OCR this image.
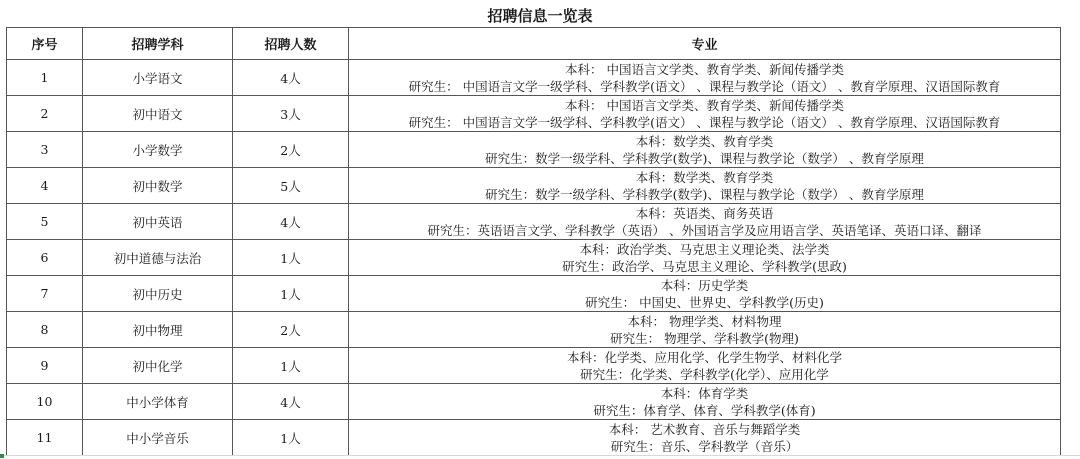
招聘信息一览表
序号	招聘学科	招聘人数	专业
1	小学语文	4人	本科： 中国语言文学类、教育学类、新闻传播学类
研究生： 中国语言文学一级学科、学科教学(语文） 、课程与教学论（语文） 、教育学原理、汉语国际教育

2	初中语文	3人	本科： 中国语言文学类、教育学类、新闻传播学类
研究生： 中国语言文学一级学科、学科教学(语文） 、课程与教学论（语文） 、教育学原理、汉语国际教育

3	小学数学	2人	本科：数学类、教育学类
研究生：数学一级学科、学科教学(数学)、课程与教学论（数学） 、教育学原理

4	初中数学	5人	本科：数学类、教育学类
研究生：数学一级学科、学科教学(数学)、课程与教学论（数学） 、教育学原理

5	初中英语	4人	本科：英语类、商务英语
研究生：英语语言文学、学科教学（英语） 、外国语言学及应用语言学、英语笔译、英语口译、翻译

6	初中道德与法治	1人	本科：政治学类、马克思主义理论类、法学类
研究生：政治学、马克思主义理论、学科教学(思政)

7	初中历史	1人	本科：历史学类
研究生： 中国史、世界史、学科教学(历史)

8	初中物理	2人	本科： 物理学类、材料物理
研究生： 物理学、学科教学(物理)

9	初中化学	1人	本科：化学类、应用化学、化学生物学、材料化学
研究生：化学类、学科教学(化学）、应用化学

10	中小学体育	4人	本科：体育学类
研究生：体育学、体育、学科教学(体育)

11	中小学音乐	1人	本科： 艺术教育、音乐与舞蹈学类
研究生：音乐、学科教学（音乐）
